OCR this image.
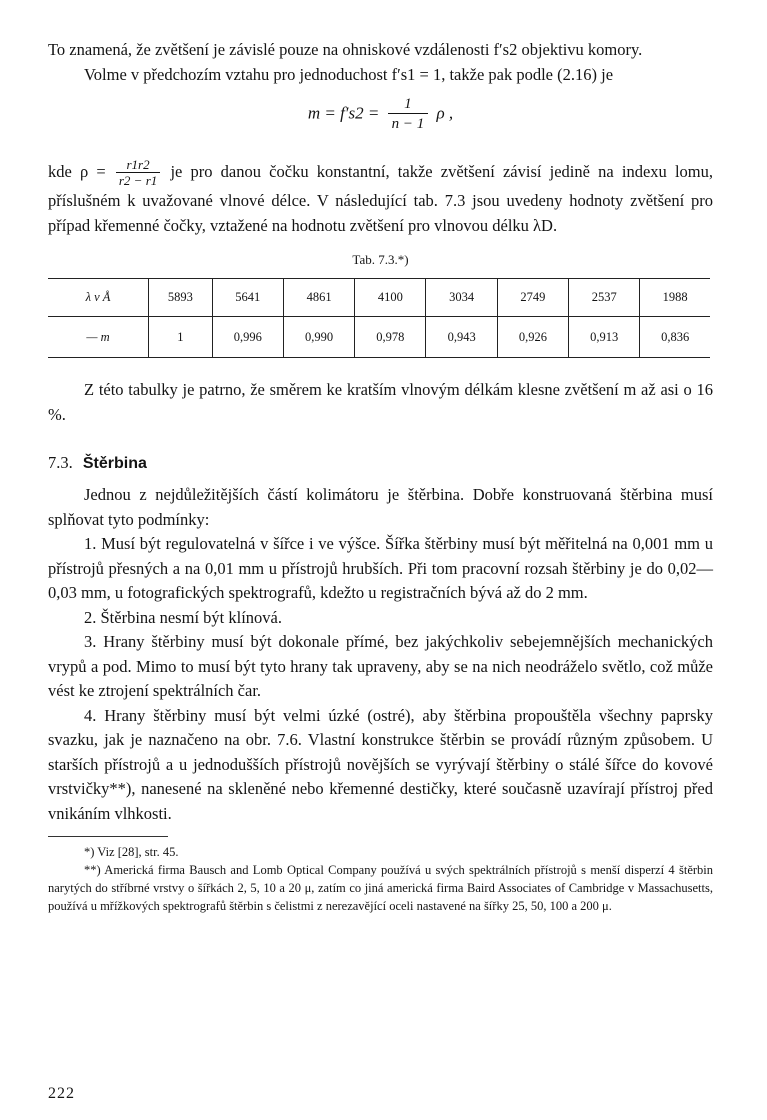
To znamená, že zvětšení je závislé pouze na ohniskové vzdálenosti f′s2 objektivu komory.

Volme v předchozím vztahu pro jednoduchost f′s1 = 1, takže pak podle (2.16) je

$m = f's2 = \frac{1}{n - 1}$ ρ ,

kde $\rho = \frac{r1r2}{r2 - r1}$ je pro danou čočku konstantní, takže zvětšení závisí jedině na indexu lomu, příslušném k uvažované vlnové délce. V následující tab. 7.3 jsou uvedeny hodnoty zvětšení pro případ křemenné čočky, vztažené na hodnotu zvětšení pro vlnovou délku λD.

Tab. 7.3.*)
λ v Å	5893	5641	4861	4100	3034	2749	2537	1988
— m	1	0,996	0,990	0,978	0,943	0,926	0,913	0,836

Z této tabulky je patrno, že směrem ke kratším vlnovým délkám klesne zvětšení m až asi o 16 %.

7.3. Štěrbina

Jednou z nejdůležitějších částí kolimátoru je štěrbina. Dobře konstruovaná štěrbina musí splňovat tyto podmínky:

1. Musí být regulovatelná v šířce i ve výšce. Šířka štěrbiny musí být měřitelná na 0,001 mm u přístrojů přesných a na 0,01 mm u přístrojů hrubších. Při tom pracovní rozsah štěrbiny je do 0,02—0,03 mm, u fotografických spektrografů, kdežto u registračních bývá až do 2 mm.

2. Štěrbina nesmí být klínová.

3. Hrany štěrbiny musí být dokonale přímé, bez jakýchkoliv sebejemnějších mechanických vrypů a pod. Mimo to musí být tyto hrany tak upraveny, aby se na nich neodráželo světlo, což může vést ke ztrojení spektrálních čar.

4. Hrany štěrbiny musí být velmi úzké (ostré), aby štěrbina propouštěla všechny paprsky svazku, jak je naznačeno na obr. 7.6. Vlastní konstrukce štěrbin se provádí různým způsobem. U starších přístrojů a u jednodušších přístrojů novějších se vyrývají štěrbiny o stálé šířce do kovové vrstvičky**), nanesené na skleněné nebo křemenné destičky, které současně uzavírají přístroj před vnikáním vlhkosti.

*) Viz [28], str. 45.
**) Americká firma Bausch and Lomb Optical Company používá u svých spektrálních přístrojů s menší disperzí 4 štěrbin narytých do stříbrné vrstvy o šířkách 2, 5, 10 a 20 μ, zatím co jiná americká firma Baird Associates of Cambridge v Massachusetts, používá u mřížkových spektrografů štěrbin s čelistmi z nerezavějící oceli nastavené na šířky 25, 50, 100 a 200 μ.
222
